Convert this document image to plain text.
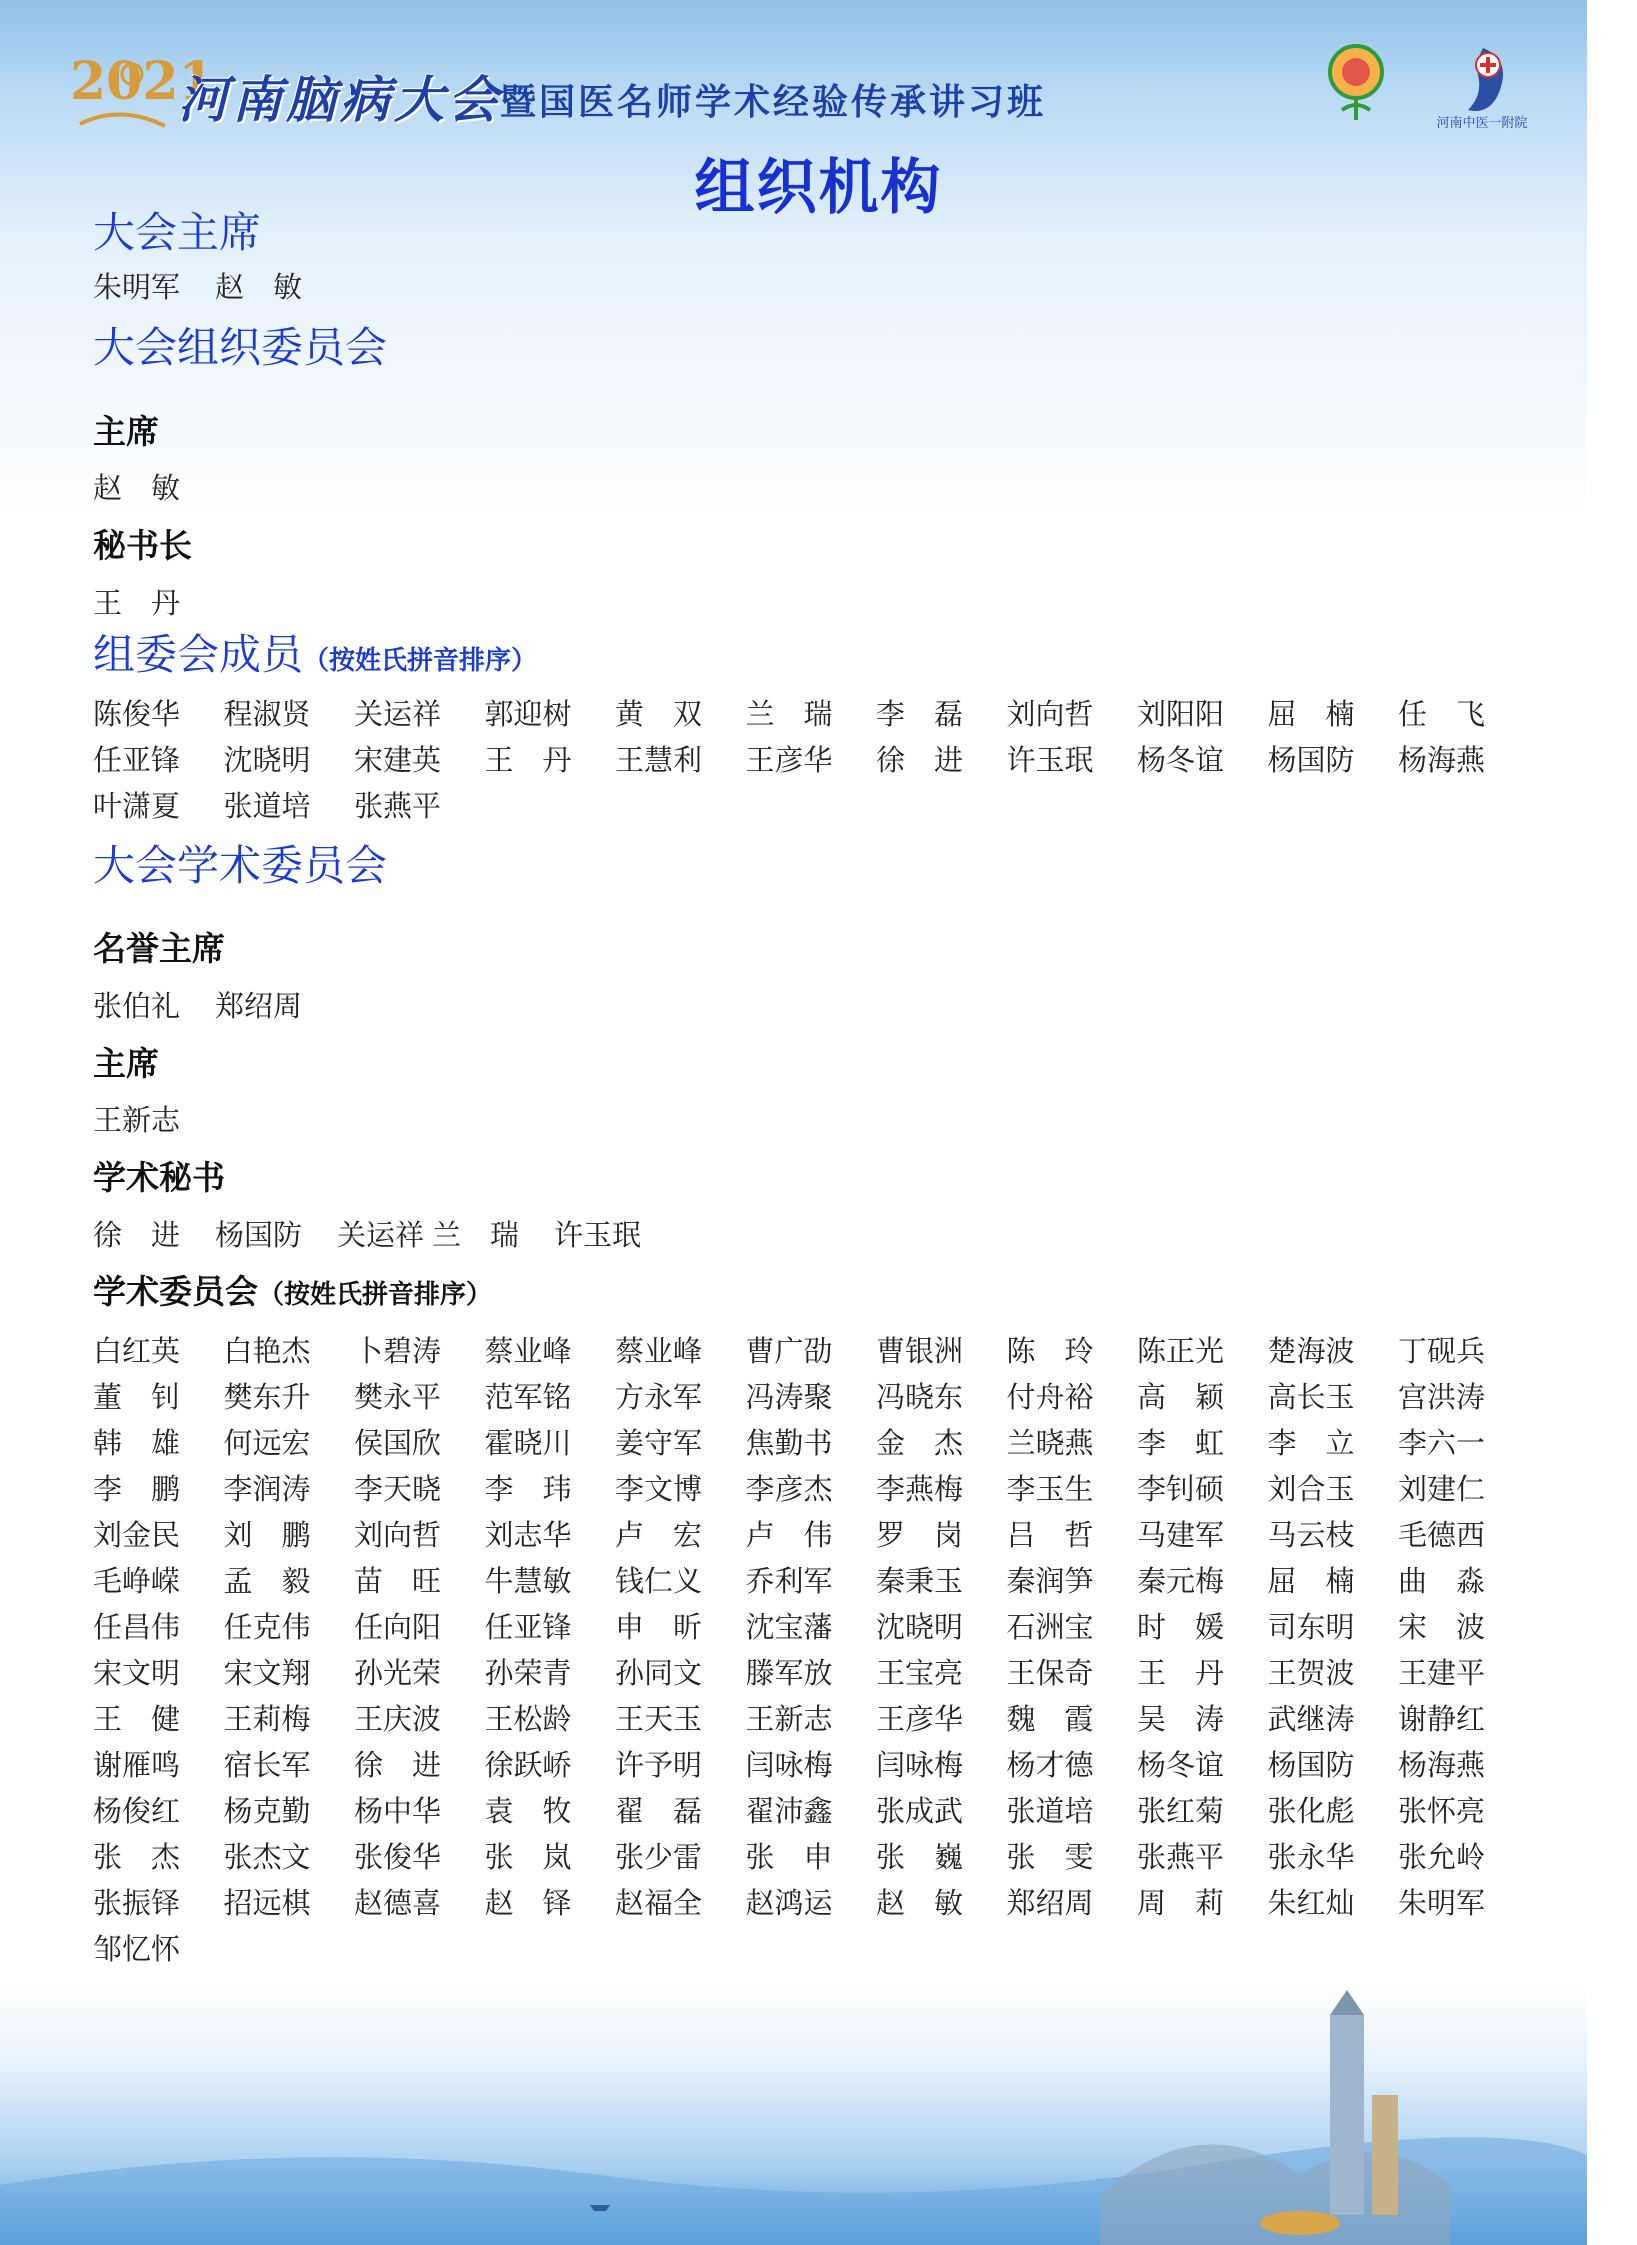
2021
河南脑病大会
暨国医名师学术经验传承讲习班
河南中医一附院
组织机构
大会主席
朱明军 赵　敏
大会组织委员会
主席
赵　敏
秘书长
王　丹
组委会成员（按姓氏拼音排序）
陈俊华	程淑贤	关运祥	郭迎树	黄　双	兰　瑞	李　磊	刘向哲	刘阳阳	屈　楠	任　飞
任亚锋	沈晓明	宋建英	王　丹	王慧利	王彦华	徐　进	许玉珉	杨冬谊	杨国防	杨海燕
叶潇夏	张道培	张燕平
大会学术委员会
名誉主席
张伯礼 郑绍周
主席
王新志
学术秘书
徐　进 杨国防 关运祥 兰　瑞 许玉珉
学术委员会（按姓氏拼音排序）
白红英	白艳杰	卜碧涛	蔡业峰	蔡业峰	曹广劭	曹银洲	陈　玲	陈正光	楚海波	丁砚兵
董　钊	樊东升	樊永平	范军铭	方永军	冯涛聚	冯晓东	付舟裕	高　颖	高长玉	宫洪涛
韩　雄	何远宏	侯国欣	霍晓川	姜守军	焦勤书	金　杰	兰晓燕	李　虹	李　立	李六一
李　鹏	李润涛	李天晓	李　玮	李文博	李彦杰	李燕梅	李玉生	李钊硕	刘合玉	刘建仁
刘金民	刘　鹏	刘向哲	刘志华	卢　宏	卢　伟	罗　岗	吕　哲	马建军	马云枝	毛德西
毛峥嵘	孟　毅	苗　旺	牛慧敏	钱仁义	乔利军	秦秉玉	秦润笋	秦元梅	屈　楠	曲　淼
任昌伟	任克伟	任向阳	任亚锋	申　昕	沈宝藩	沈晓明	石洲宝	时　媛	司东明	宋　波
宋文明	宋文翔	孙光荣	孙荣青	孙同文	滕军放	王宝亮	王保奇	王　丹	王贺波	王建平
王　健	王莉梅	王庆波	王松龄	王天玉	王新志	王彦华	魏　霞	吴　涛	武继涛	谢静红
谢雁鸣	宿长军	徐　进	徐跃峤	许予明	闫咏梅	闫咏梅	杨才德	杨冬谊	杨国防	杨海燕
杨俊红	杨克勤	杨中华	袁　牧	翟　磊	翟沛鑫	张成武	张道培	张红菊	张化彪	张怀亮
张　杰	张杰文	张俊华	张　岚	张少雷	张　申	张　巍	张　雯	张燕平	张永华	张允岭
张振铎	招远棋	赵德喜	赵　铎	赵福全	赵鸿运	赵　敏	郑绍周	周　莉	朱红灿	朱明军
邹忆怀
